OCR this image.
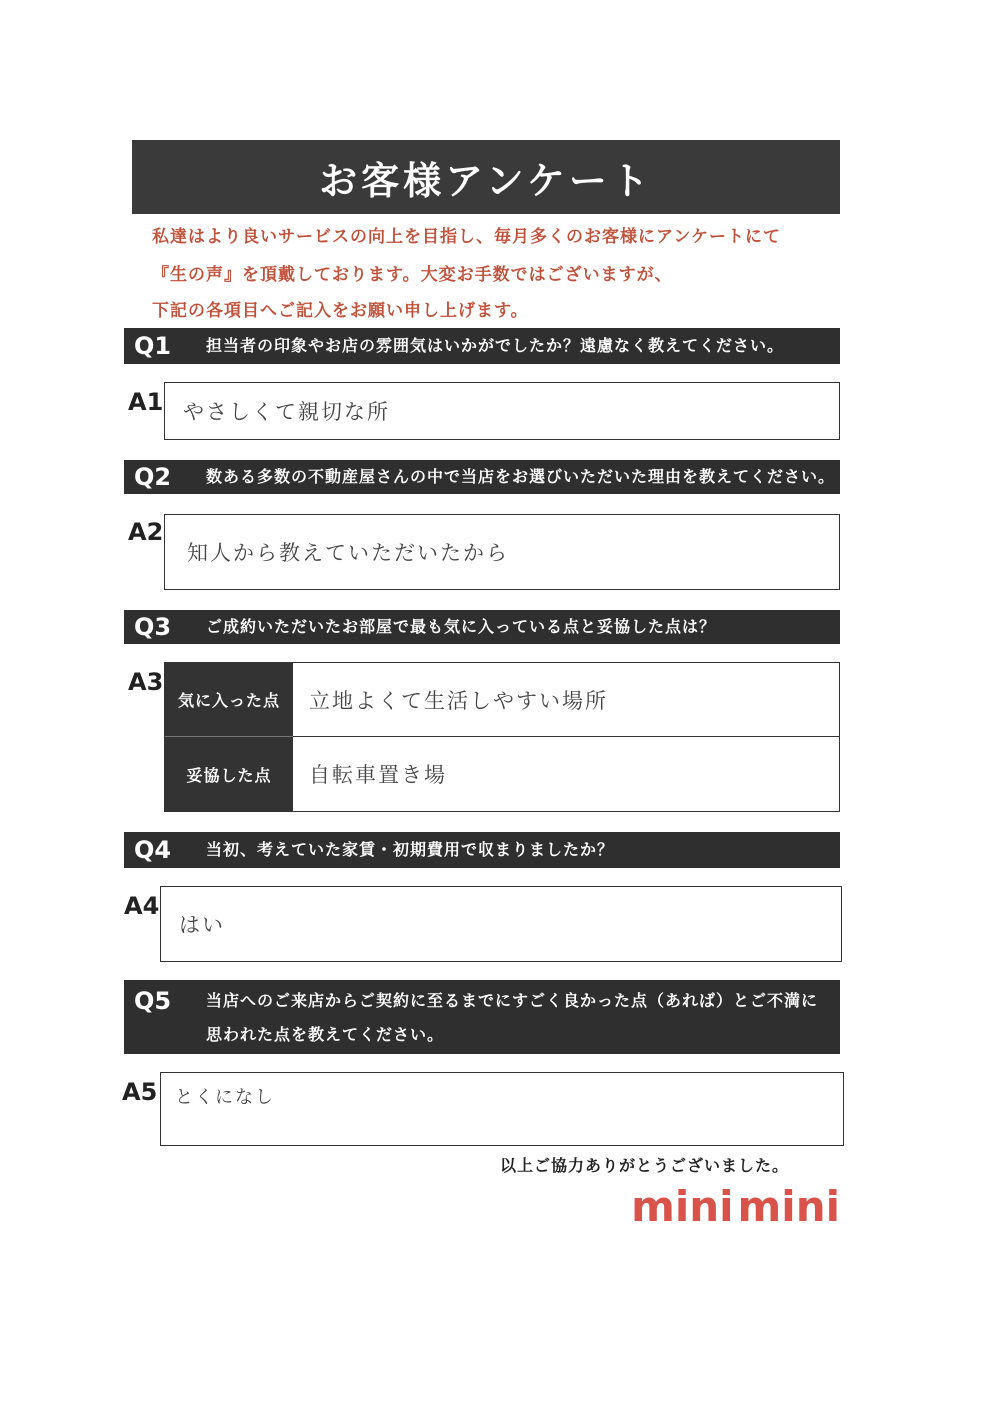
お客様アンケート
私達はより良いサービスの向上を目指し、毎月多くのお客様にアンケートにて
『生の声』を頂戴しております。大変お手数ではございますが、
下記の各項目へご記入をお願い申し上げます。
Q1	担当者の印象やお店の雰囲気はいかがでしたか？遠慮なく教えてください。
A1 やさしくて親切な所
Q2	数ある多数の不動産屋さんの中で当店をお選びいただいた理由を教えてください。
A2
知人から教えていただいたから
Q3	ご成約いただいたお部屋で最も気に入っている点と妥協した点は？
A3
気に入った点	立地よくて生活しやすい場所
妥協した点	自転車置き場
Q4	当初、考えていた家賃・初期費用で収まりましたか？
A4
はい
Q5	当店へのご来店からご契約に至るまでにすごく良かった点（あれば）とご不満に
思われた点を教えてください。
A5 とくになし
以上ご協力ありがとうございました。
mini mini
